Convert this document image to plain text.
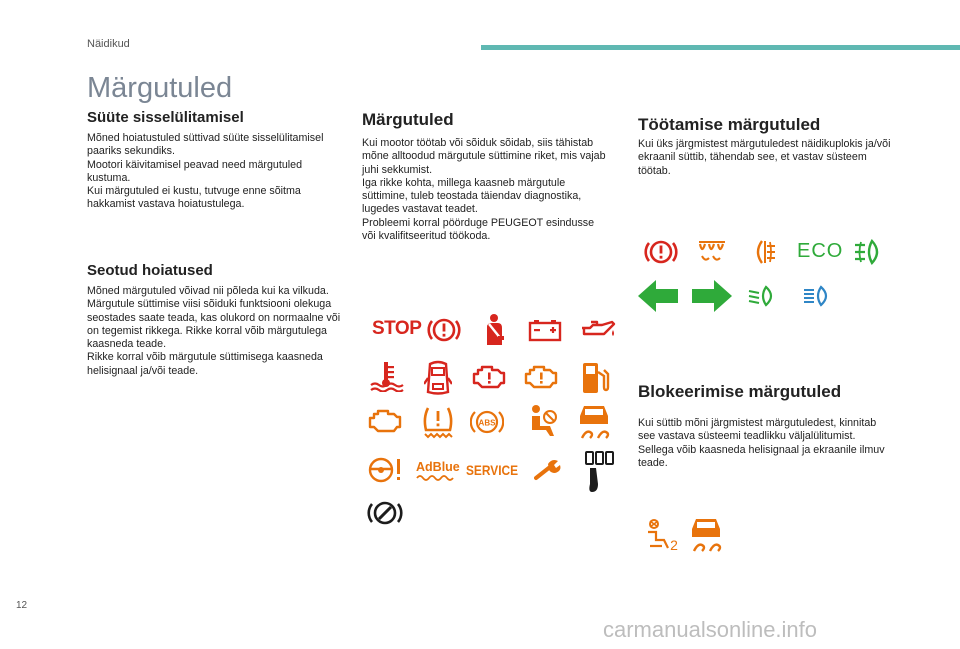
Näidikud
Märgutuled
Süüte sisselülitamisel
Mõned hoiatustuled süttivad süüte sisselülitamisel paariks sekundiks.
Mootori käivitamisel peavad need märgutuled kustuma.
Kui märgutuled ei kustu, tutvuge enne sõitma hakkamist vastava hoiatustulega.
Seotud hoiatused
Mõned märgutuled võivad nii põleda kui ka vilkuda.
Märgutule süttimise viisi sõiduki funktsiooni olekuga seostades saate teada, kas olukord on normaalne või on tegemist rikkega. Rikke korral võib märgutulega kaasneda teade.
Rikke korral võib märgutule süttimisega kaasneda helisignaal ja/või teade.
Märgutuled
Kui mootor töötab või sõiduk sõidab, siis tähistab mõne alltoodud märgutule süttimine riket, mis vajab juhi sekkumist.
Iga rikke kohta, millega kaasneb märgutule süttimine, tuleb teostada täiendav diagnostika, lugedes vastavat teadet.
Probleemi korral pöörduge PEUGEOT esindusse või kvalifitseeritud töökoda.
STOP
ABS
AdBlue SERVICE
Töötamise märgutuled
Kui üks järgmistest märgutuledest näidikuplokis ja/või ekraanil süttib, tähendab see, et vastav süsteem töötab.
ECO
Blokeerimise märgutuled
Kui süttib mõni järgmistest märgutuledest, kinnitab see vastava süsteemi teadlikku väljalülitumist.
Sellega võib kaasneda helisignaal ja ekraanile ilmuv teade.
2
12
carmanualsonline.info
